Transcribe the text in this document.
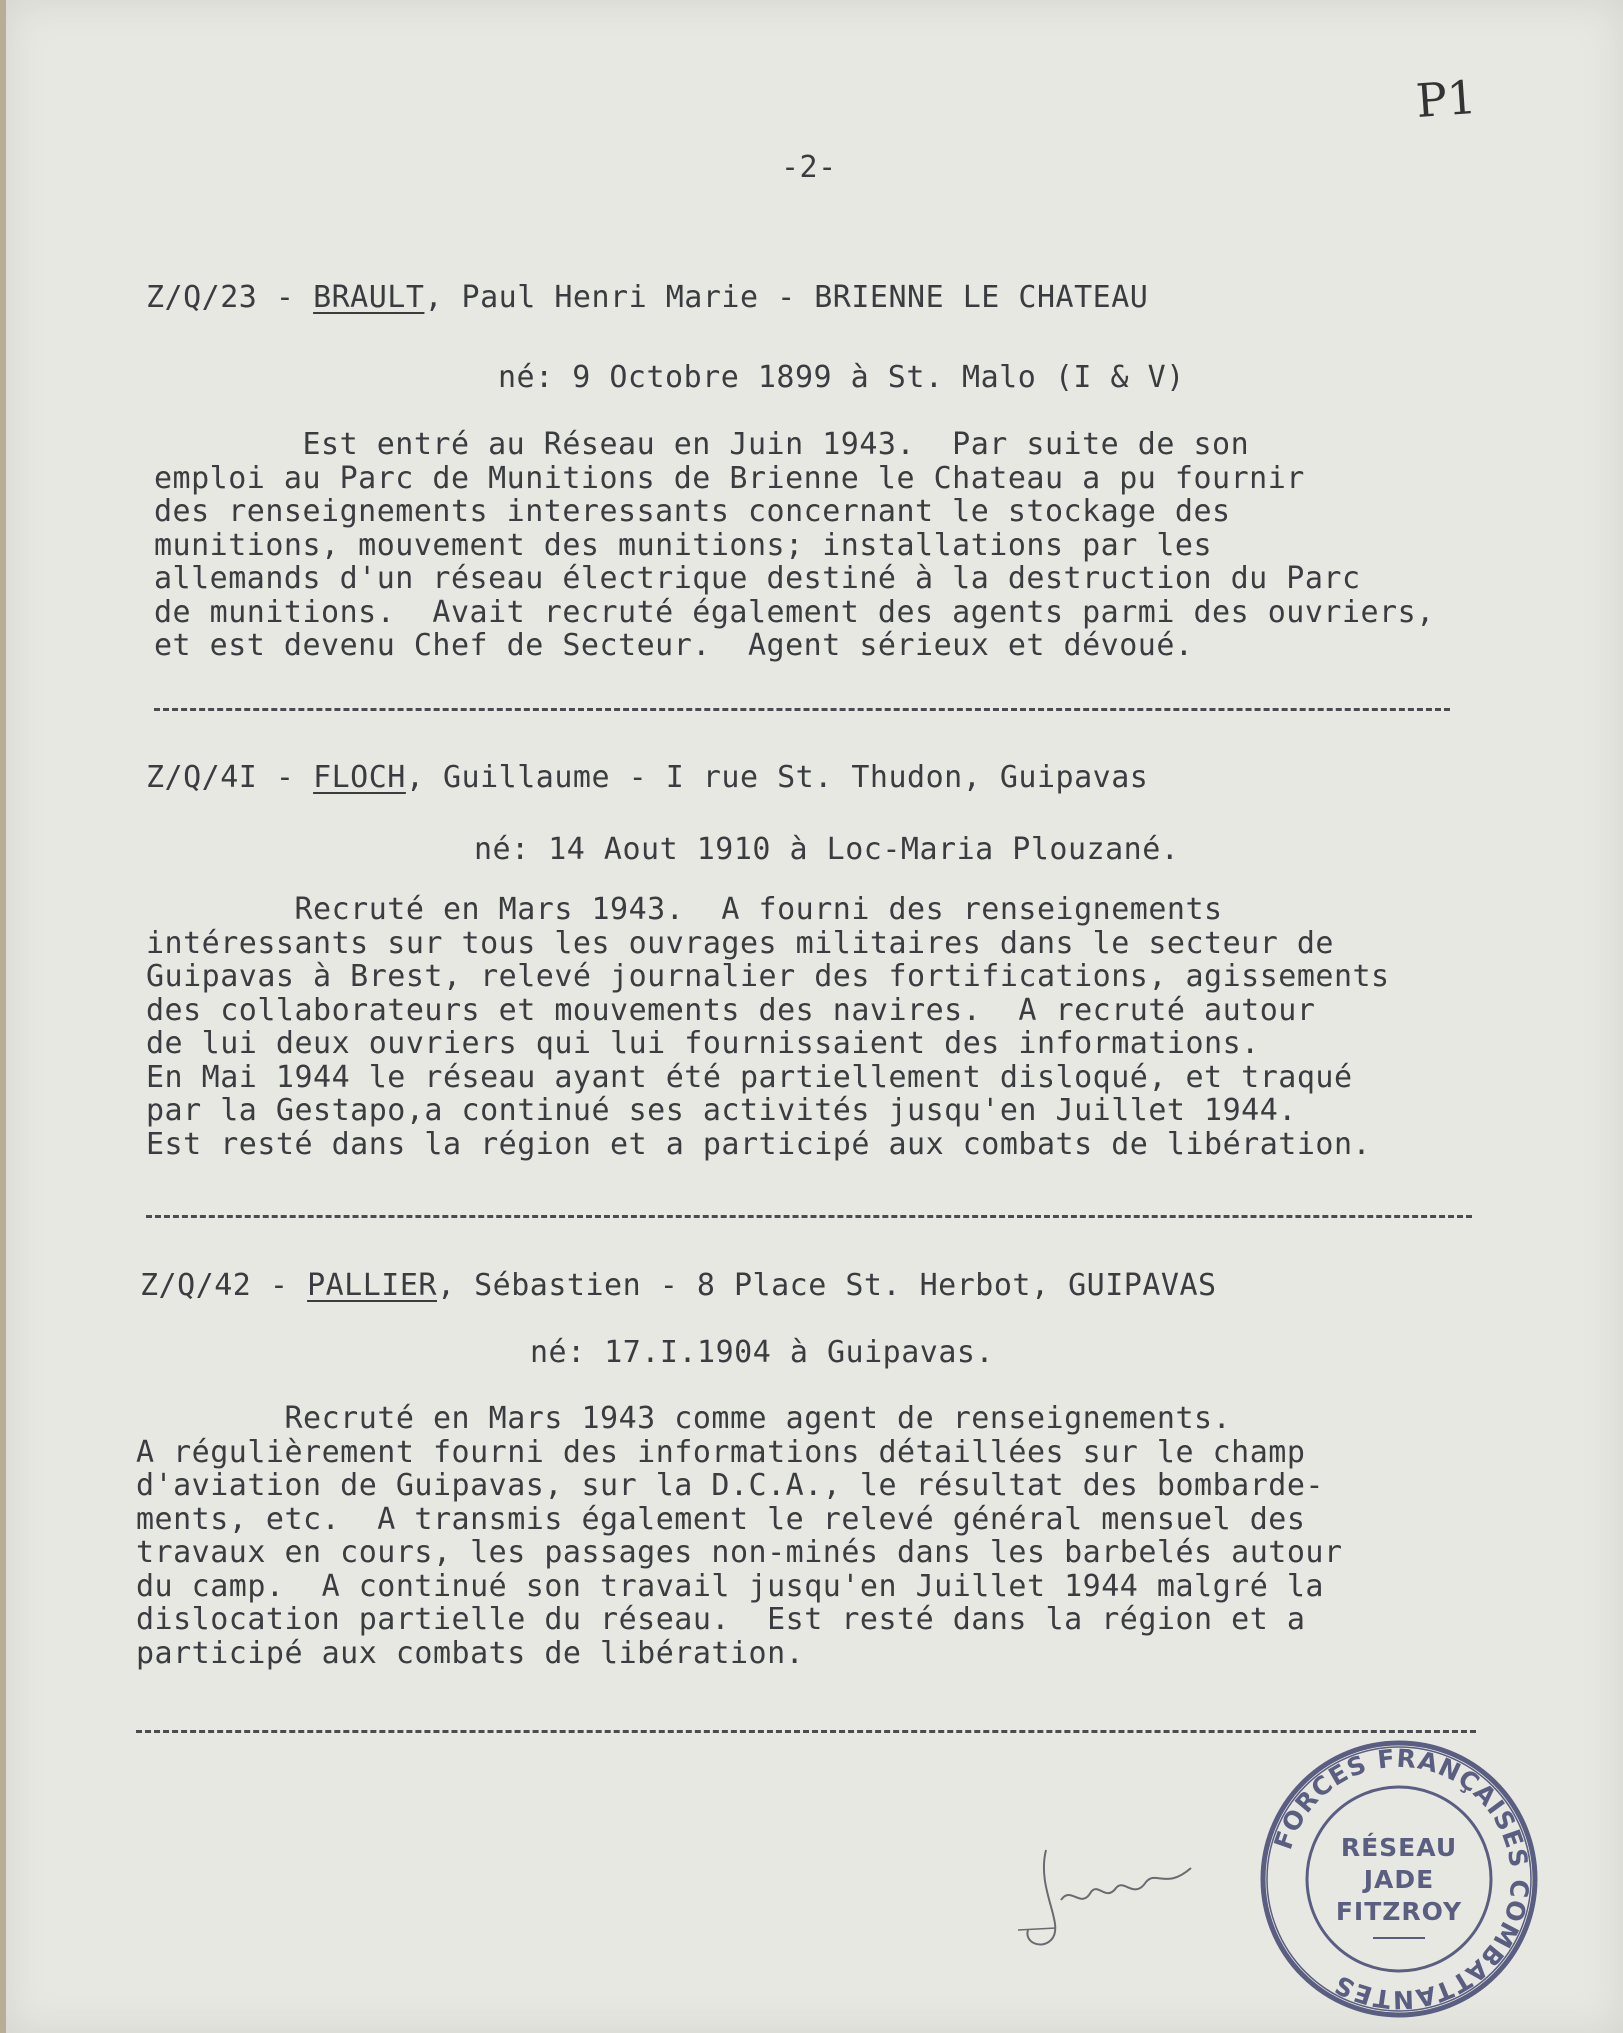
P1
-2-
Z/Q/23 - BRAULT, Paul Henri Marie - BRIENNE LE CHATEAU
né: 9 Octobre 1899 à St. Malo (I & V)
Est entré au Réseau en Juin 1943.  Par suite de son
emploi au Parc de Munitions de Brienne le Chateau a pu fournir
des renseignements interessants concernant le stockage des
munitions, mouvement des munitions; installations par les
allemands d'un réseau électrique destiné à la destruction du Parc
de munitions.  Avait recruté également des agents parmi des ouvriers,
et est devenu Chef de Secteur.  Agent sérieux et dévoué.
Z/Q/4I - FLOCH, Guillaume - I rue St. Thudon, Guipavas
né: 14 Aout 1910 à Loc-Maria Plouzané.
Recruté en Mars 1943.  A fourni des renseignements
intéressants sur tous les ouvrages militaires dans le secteur de
Guipavas à Brest, relevé journalier des fortifications, agissements
des collaborateurs et mouvements des navires.  A recruté autour
de lui deux ouvriers qui lui fournissaient des informations.
En Mai 1944 le réseau ayant été partiellement disloqué, et traqué
par la Gestapo,a continué ses activités jusqu'en Juillet 1944.
Est resté dans la région et a participé aux combats de libération.
Z/Q/42 - PALLIER, Sébastien - 8 Place St. Herbot, GUIPAVAS
né: 17.I.1904 à Guipavas.
Recruté en Mars 1943 comme agent de renseignements.
A régulièrement fourni des informations détaillées sur le champ
d'aviation de Guipavas, sur la D.C.A., le résultat des bombarde-
ments, etc.  A transmis également le relevé général mensuel des
travaux en cours, les passages non-minés dans les barbelés autour
du camp.  A continué son travail jusqu'en Juillet 1944 malgré la
dislocation partielle du réseau.  Est resté dans la région et a
participé aux combats de libération.
FORCES FRANÇAISES COMBATTANTES
RÉSEAU
JADE
FITZROY
